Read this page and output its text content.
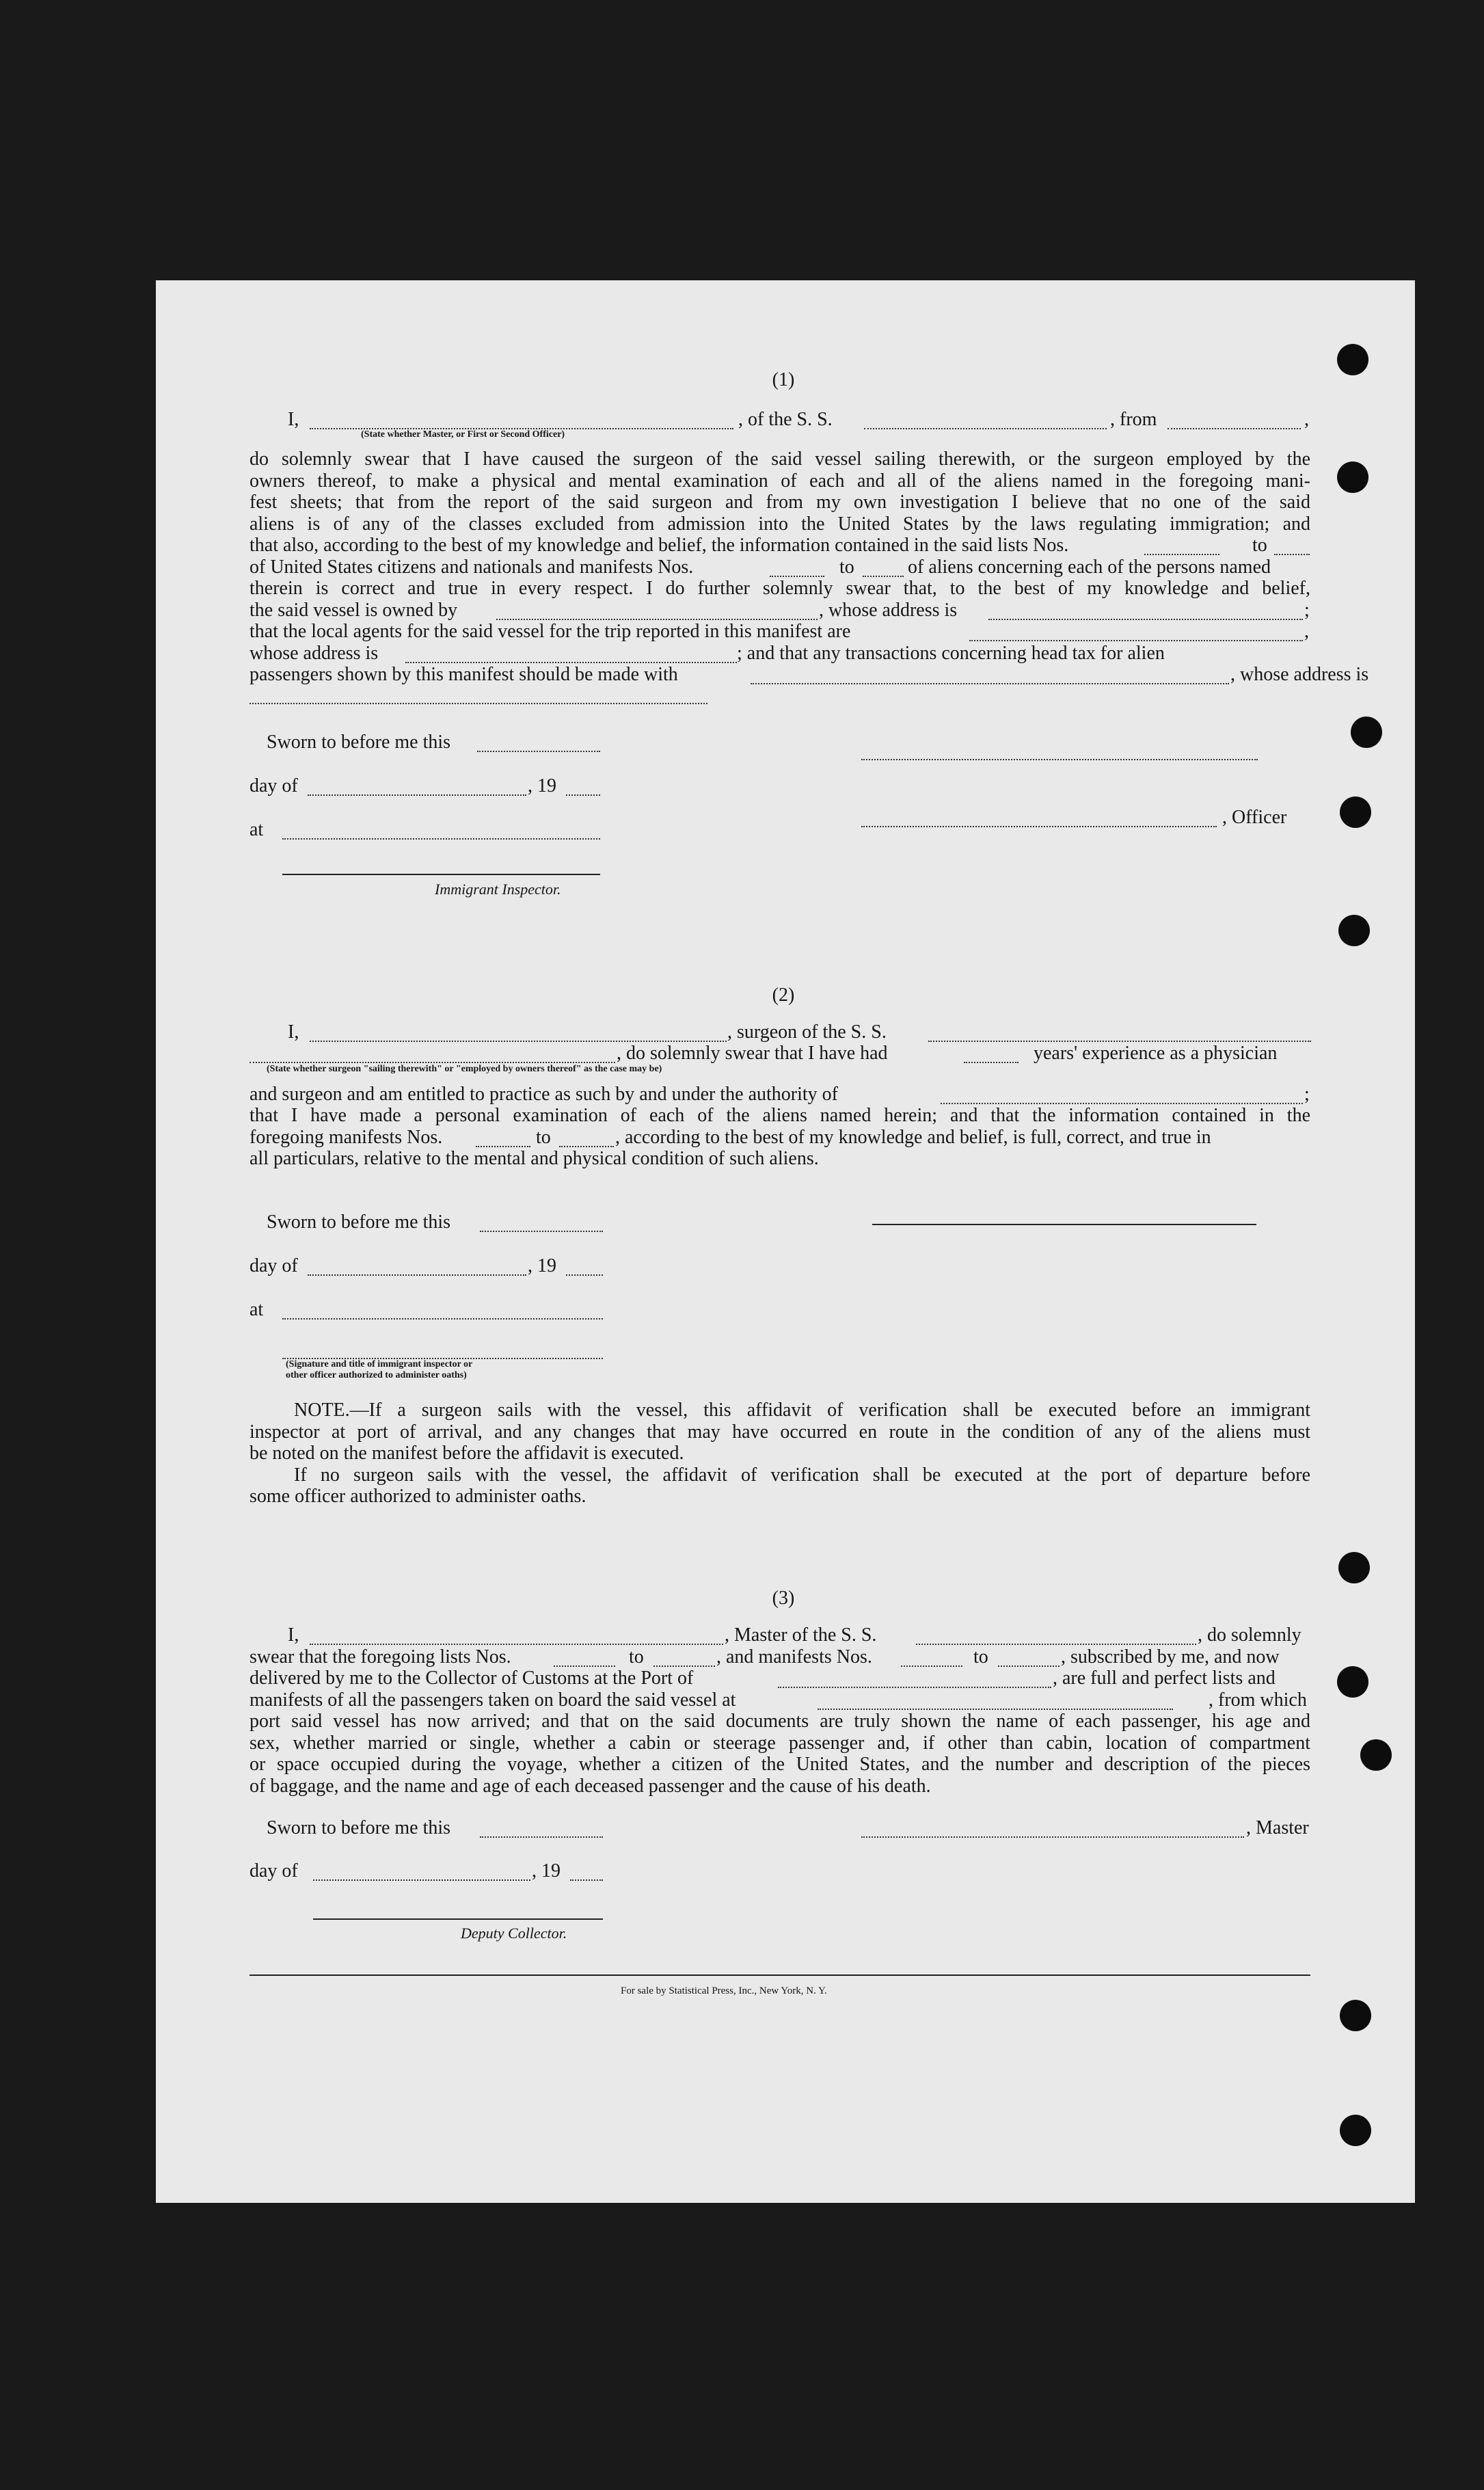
(1)
I,	, of the S. S.	, from	,
(State whether Master, or First or Second Officer)
do solemnly swear that I have caused the surgeon of the said vessel sailing therewith, or the surgeon employed by the
owners thereof, to make a physical and mental examination of each and all of the aliens named in the foregoing mani-
fest sheets; that from the report of the said surgeon and from my own investigation I believe that no one of the said
aliens is of any of the classes excluded from admission into the United States by the laws regulating immigration; and
that also, according to the best of my knowledge and belief, the information contained in the said lists Nos.	to
of United States citizens and nationals and manifests Nos.	to	of aliens concerning each of the persons named
therein is correct and true in every respect. I do further solemnly swear that, to the best of my knowledge and belief,
the said vessel is owned by	, whose address is	;
that the local agents for the said vessel for the trip reported in this manifest are	,
whose address is	; and that any transactions concerning head tax for alien
passengers shown by this manifest should be made with	, whose address is
Sworn to before me this
day of	, 19
at
Immigrant Inspector.
, Officer
(2)
I,	, surgeon of the S. S.
, do solemnly swear that I have had	years' experience as a physician
(State whether surgeon "sailing therewith" or "employed by owners thereof" as the case may be)
and surgeon and am entitled to practice as such by and under the authority of	;
that I have made a personal examination of each of the aliens named herein; and that the information contained in the
foregoing manifests Nos.	to	, according to the best of my knowledge and belief, is full, correct, and true in
all particulars, relative to the mental and physical condition of such aliens.
Sworn to before me this
day of	, 19
at
(Signature and title of immigrant inspector or
other officer authorized to administer oaths)
NOTE.—If a surgeon sails with the vessel, this affidavit of verification shall be executed before an immigrant
inspector at port of arrival, and any changes that may have occurred en route in the condition of any of the aliens must
be noted on the manifest before the affidavit is executed.
If no surgeon sails with the vessel, the affidavit of verification shall be executed at the port of departure before
some officer authorized to administer oaths.
(3)
I,	, Master of the S. S.	, do solemnly
swear that the foregoing lists Nos.	to	, and manifests Nos.	to	, subscribed by me, and now
delivered by me to the Collector of Customs at the Port of	, are full and perfect lists and
manifests of all the passengers taken on board the said vessel at	, from which
port said vessel has now arrived; and that on the said documents are truly shown the name of each passenger, his age and
sex, whether married or single, whether a cabin or steerage passenger and, if other than cabin, location of compartment
or space occupied during the voyage, whether a citizen of the United States, and the number and description of the pieces
of baggage, and the name and age of each deceased passenger and the cause of his death.
Sworn to before me this	, Master
day of	, 19
Deputy Collector.
For sale by Statistical Press, Inc., New York, N. Y.
